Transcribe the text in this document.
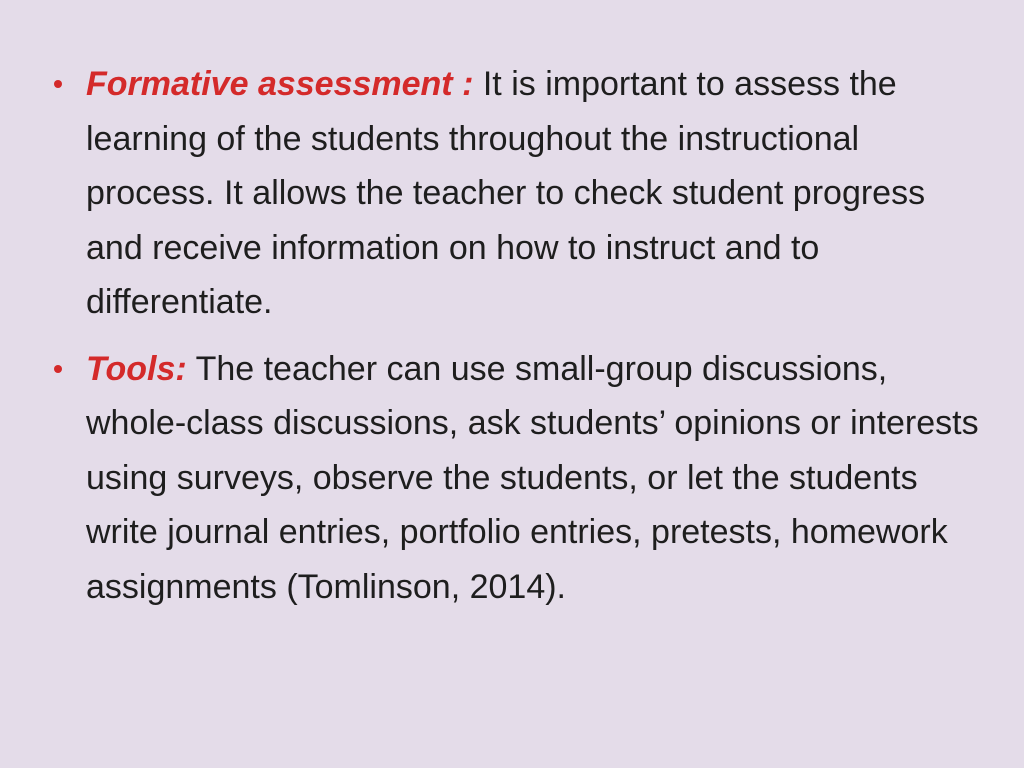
Formative assessment : It is important to assess the learning of the students throughout the instructional process. It allows the teacher to check student progress and receive information on how to instruct and to differentiate.
Tools: The teacher can use small-group discussions, whole-class discussions, ask students’ opinions or interests using surveys, observe the students, or let the students write journal entries, portfolio entries, pretests, homework assignments (Tomlinson, 2014).
